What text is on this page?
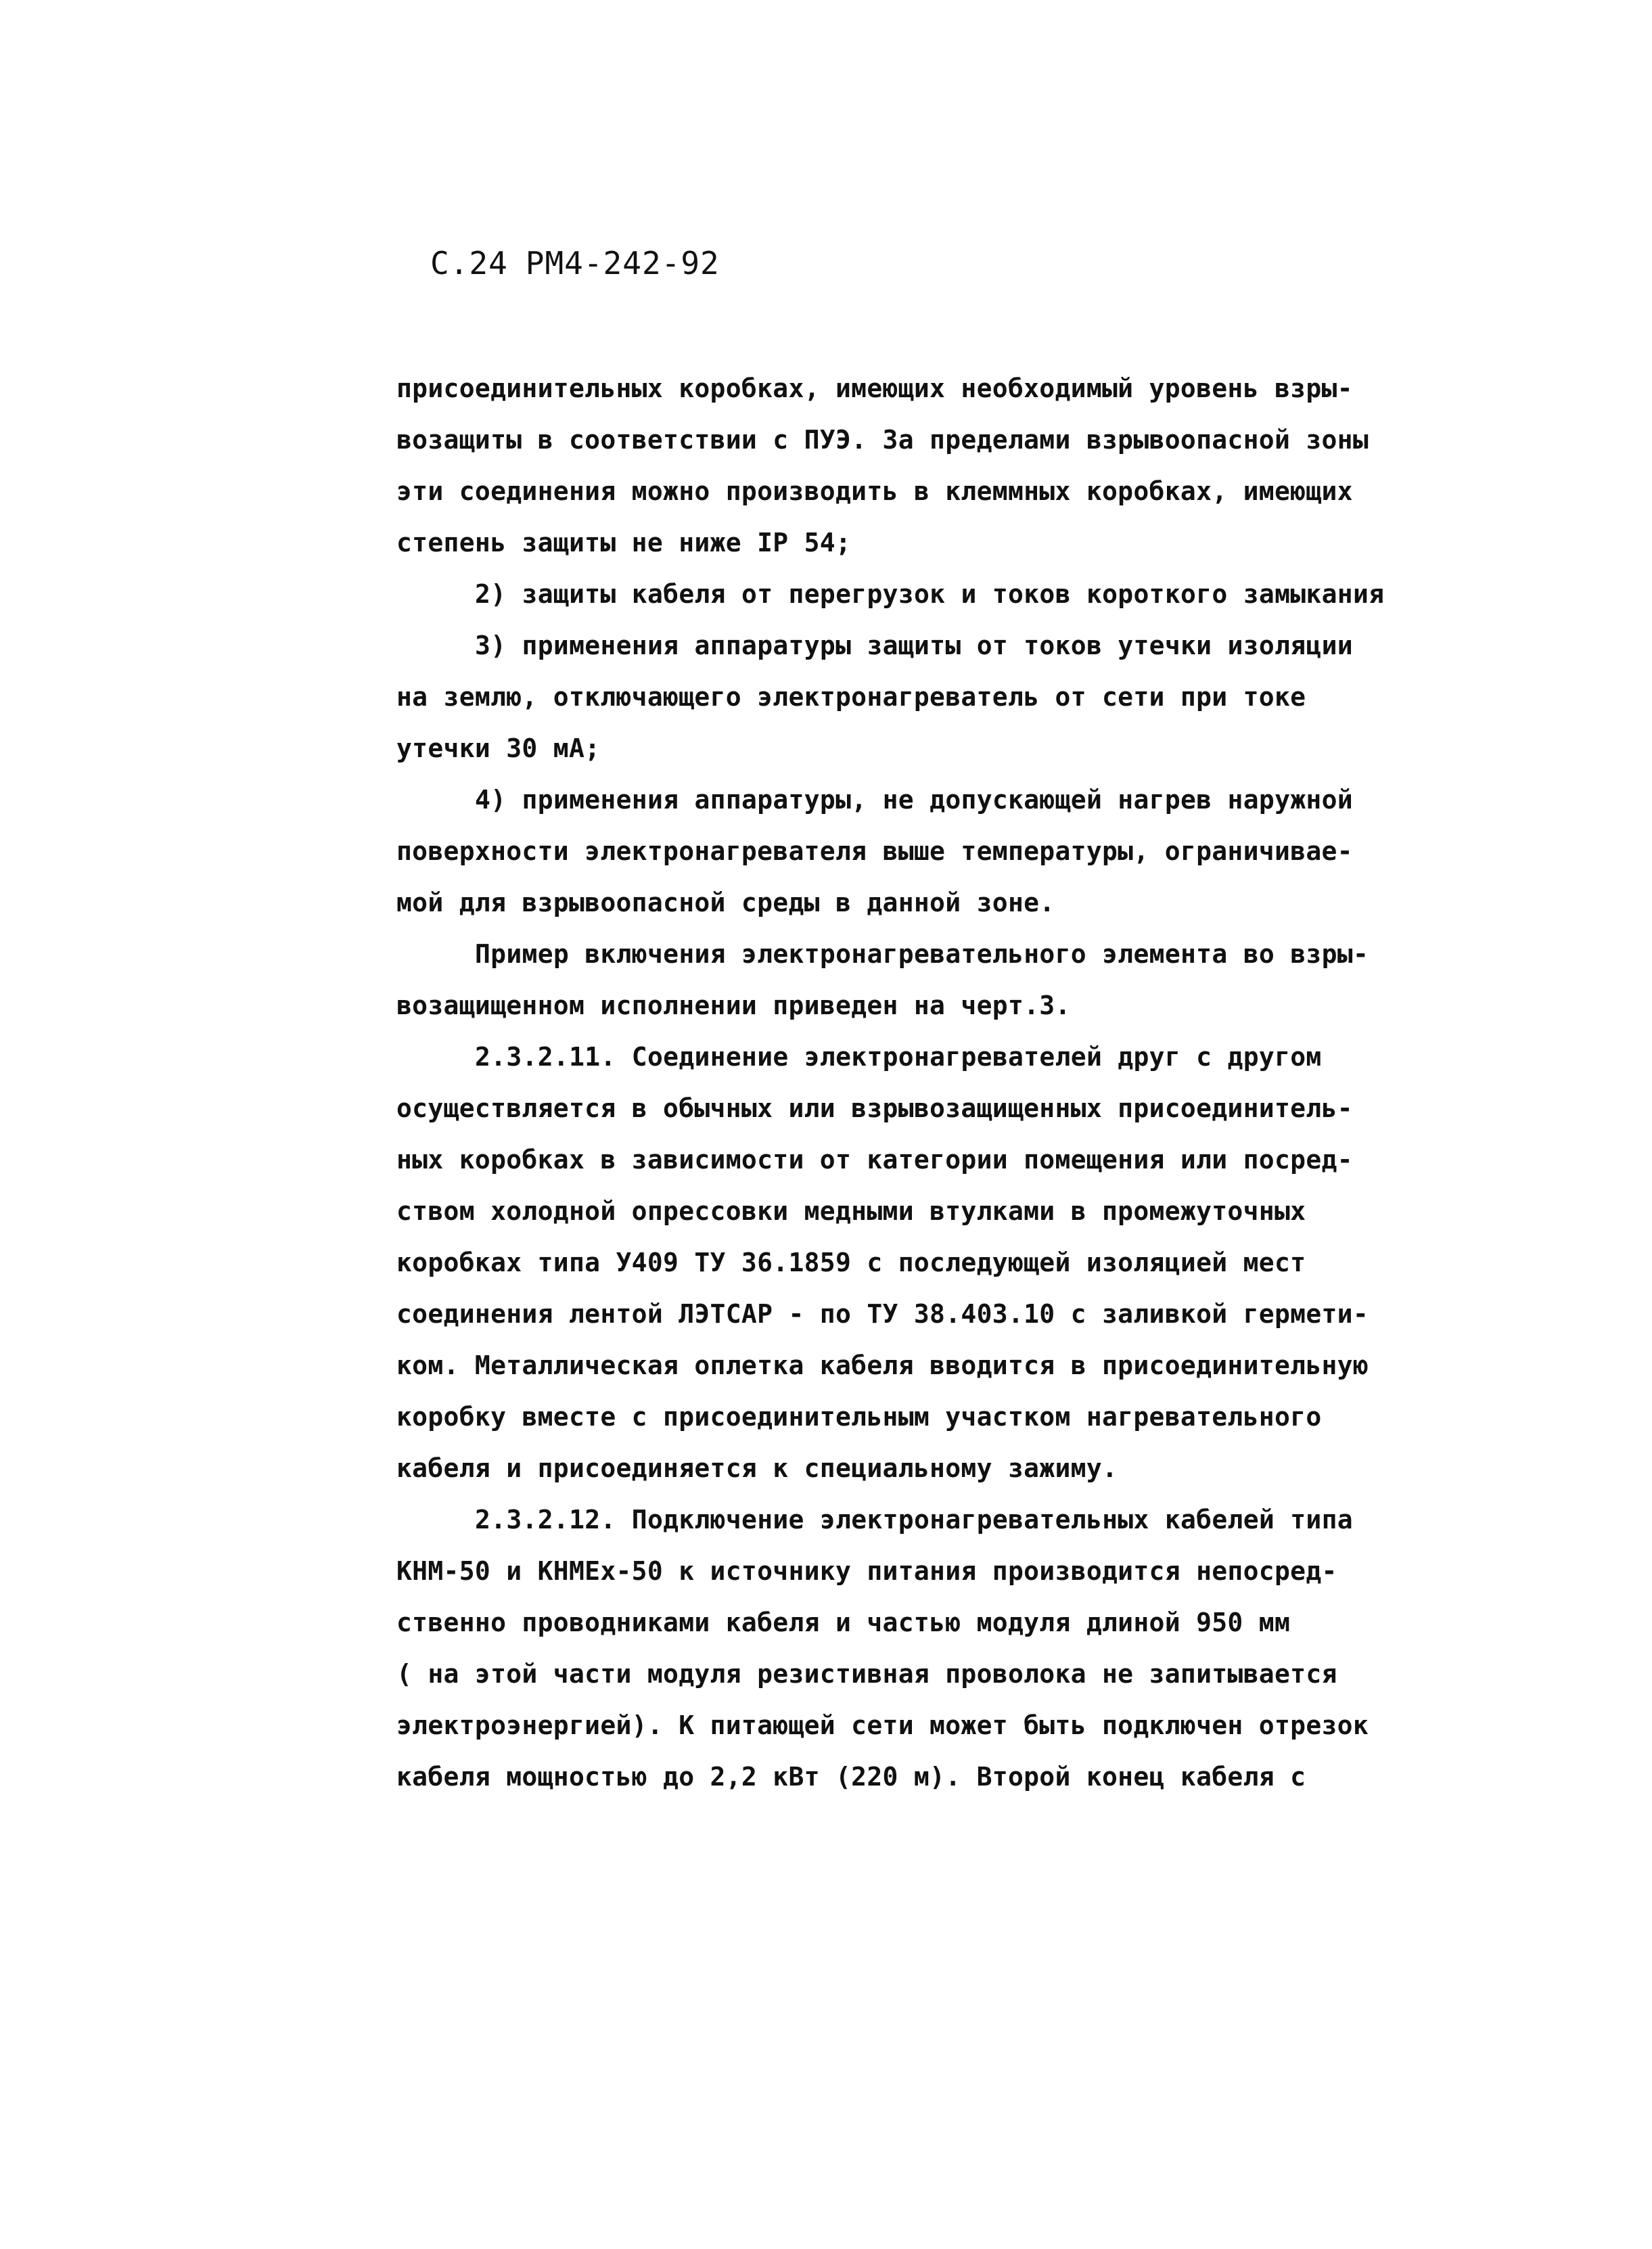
С.24 РМ4-242-92
присоединительных коробках, имеющих необходимый уровень взры-
возащиты в соответствии с ПУЭ. За пределами взрывоопасной зоны
эти соединения можно производить в клеммных коробках, имеющих
степень защиты не ниже IP 54;
2) защиты кабеля от перегрузок и токов короткого замыкания
3) применения аппаратуры защиты от токов утечки изоляции
на землю, отключающего электронагреватель от сети при токе
утечки 30 мА;
4) применения аппаратуры, не допускающей нагрев наружной
поверхности электронагревателя выше температуры, ограничивае-
мой для взрывоопасной среды в данной зоне.
Пример включения электронагревательного элемента во взры-
возащищенном исполнении приведен на черт.3.
2.3.2.11. Соединение электронагревателей друг с другом
осуществляется в обычных или взрывозащищенных присоединитель-
ных коробках в зависимости от категории помещения или посред-
ством холодной опрессовки медными втулками в промежуточных
коробках типа У409 ТУ 36.1859 с последующей изоляцией мест
соединения лентой ЛЭТСАР - по ТУ 38.403.10 с заливкой гермети-
ком. Металлическая оплетка кабеля вводится в присоединительную
коробку вместе с присоединительным участком нагревательного
кабеля и присоединяется к специальному зажиму.
2.3.2.12. Подключение электронагревательных кабелей типа
КНМ-50 и КНМЕх-50 к источнику питания производится непосред-
ственно проводниками кабеля и частью модуля длиной 950 мм
( на этой части модуля резистивная проволока не запитывается
электроэнергией). К питающей сети может быть подключен отрезок
кабеля мощностью до 2,2 кВт (220 м). Второй конец кабеля с
